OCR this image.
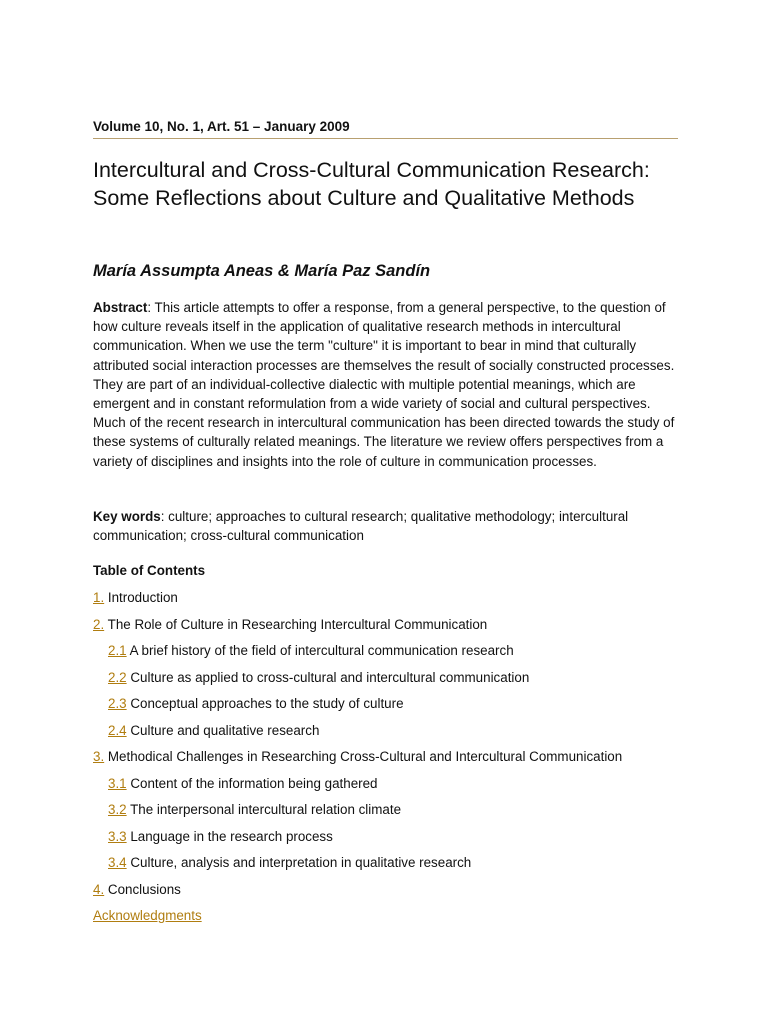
Volume 10, No. 1, Art. 51 – January 2009
Intercultural and Cross-Cultural Communication Research: Some Reflections about Culture and Qualitative Methods
María Assumpta Aneas & María Paz Sandín

Abstract: This article attempts to offer a response, from a general perspective, to the question of how culture reveals itself in the application of qualitative research methods in intercultural communication. When we use the term "culture" it is important to bear in mind that culturally attributed social interaction processes are themselves the result of socially constructed processes. They are part of an individual-collective dialectic with multiple potential meanings, which are emergent and in constant reformulation from a wide variety of social and cultural perspectives. Much of the recent research in intercultural communication has been directed towards the study of these systems of culturally related meanings. The literature we review offers perspectives from a variety of disciplines and insights into the role of culture in communication processes.

Key words: culture; approaches to cultural research; qualitative methodology; intercultural communication; cross-cultural communication

Table of Contents
1. Introduction
2. The Role of Culture in Researching Intercultural Communication
2.1 A brief history of the field of intercultural communication research
2.2 Culture as applied to cross-cultural and intercultural communication
2.3 Conceptual approaches to the study of culture
2.4 Culture and qualitative research
3. Methodical Challenges in Researching Cross-Cultural and Intercultural Communication
3.1 Content of the information being gathered
3.2 The interpersonal intercultural relation climate
3.3 Language in the research process
3.4 Culture, analysis and interpretation in qualitative research
4. Conclusions
Acknowledgments
